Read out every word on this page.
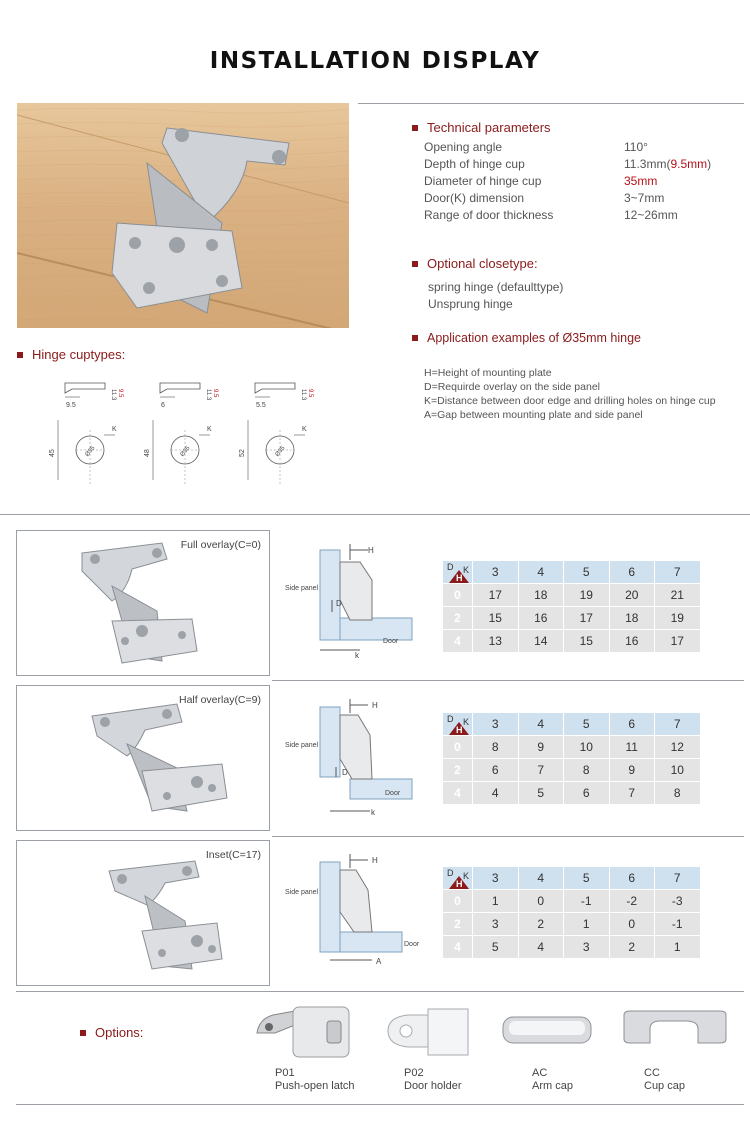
INSTALLATION DISPLAY
Technical parameters
Opening angle	110°
Depth of hinge cup	11.3mm(9.5mm)
Diameter of hinge cup	35mm
Door(K) dimension	3~7mm
Range of door thickness	12~26mm
Optional closetype:
spring hinge (defaulttype)
Unsprung hinge
Application examples of Ø35mm hinge
H=Height of mounting plate
D=Requirde overlay on the side panel
K=Distance between door edge and drilling holes on hinge cup
A=Gap between mounting plate and side panel
Hinge cuptypes:
9.5
11.3 9.5
45	Ø35
K
6
11.3 9.5
48	Ø35
K
5.5
11.3 9.5
52	Ø35
K
Full overlay(C=0)	H
Side panel
D
Door
k
D K
H	3	4	5	6	7
0	17	18	19	20	21
2	15	16	17	18	19
4	13	14	15	16	17
Half overlay(C=9)	H
Side panel
D
Door
k
D K
H	3	4	5	6	7
0	8	9	10	11	12
2	6	7	8	9	10
4	4	5	6	7	8
Inset(C=17)	H
Side panel
Door
A
D K
H	3	4	5	6	7
0	1	0	-1	-2	-3
2	3	2	1	0	-1
4	5	4	3	2	1
Options:
P01
Push-open latch
P02
Door holder
AC
Arm cap
CC
Cup cap
